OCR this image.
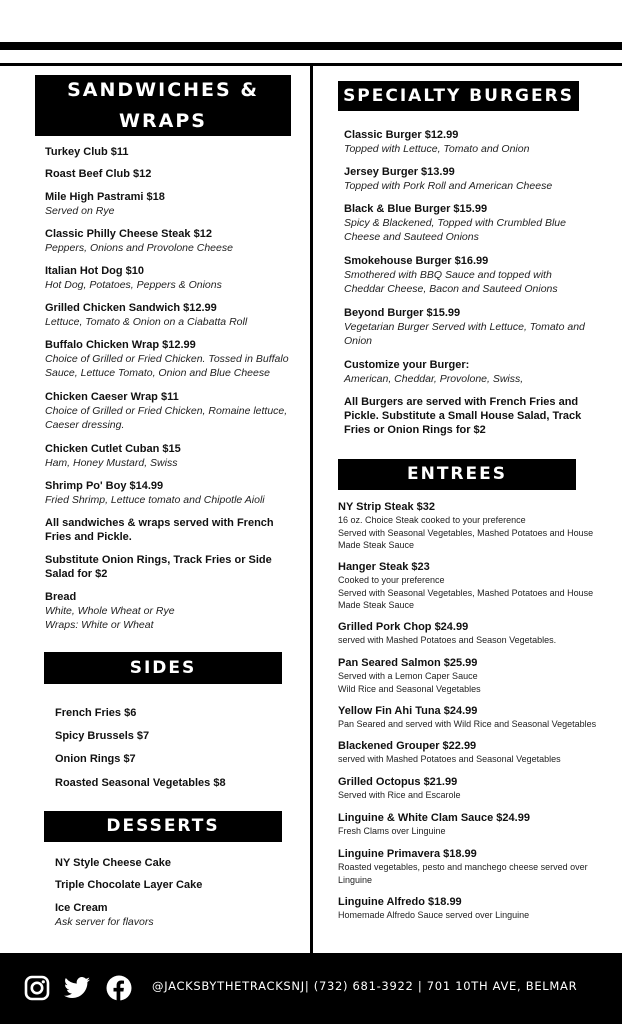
SANDWICHES &
WRAPS
Turkey Club $11
Roast Beef Club $12
Mile High Pastrami $18
Served on Rye
Classic Philly Cheese Steak $12
Peppers, Onions and Provolone Cheese
Italian Hot Dog $10
Hot Dog, Potatoes, Peppers & Onions
Grilled Chicken Sandwich $12.99
Lettuce, Tomato & Onion on a Ciabatta Roll
Buffalo Chicken Wrap $12.99
Choice of Grilled or Fried Chicken. Tossed in Buffalo Sauce, Lettuce Tomato, Onion and Blue Cheese
Chicken Caeser Wrap $11
Choice of Grilled or Fried Chicken, Romaine lettuce, Caeser dressing.
Chicken Cutlet Cuban $15
Ham, Honey Mustard, Swiss
Shrimp Po' Boy $14.99
Fried Shrimp, Lettuce tomato and Chipotle Aioli
All sandwiches & wraps served with French Fries and Pickle.
Substitute Onion Rings, Track Fries or Side Salad for $2
Bread
White, Whole Wheat or Rye
Wraps: White or Wheat
SIDES
French Fries $6
Spicy Brussels $7
Onion Rings $7
Roasted Seasonal Vegetables $8
DESSERTS
NY Style Cheese Cake
Triple Chocolate Layer Cake
Ice Cream
Ask server for flavors
SPECIALTY BURGERS
Classic Burger $12.99
Topped with Lettuce, Tomato and Onion
Jersey Burger $13.99
Topped with Pork Roll and American Cheese
Black & Blue Burger $15.99
Spicy & Blackened, Topped with Crumbled Blue Cheese and Sauteed Onions
Smokehouse Burger $16.99
Smothered with BBQ Sauce and topped with Cheddar Cheese, Bacon and Sauteed Onions
Beyond Burger $15.99
Vegetarian Burger Served with Lettuce, Tomato and Onion
Customize your Burger:
American, Cheddar, Provolone, Swiss,
All Burgers are served with French Fries and Pickle. Substitute a Small House Salad, Track Fries or Onion Rings for $2
ENTREES
NY Strip Steak $32
16 oz. Choice Steak cooked to your preference
Served with Seasonal Vegetables, Mashed Potatoes and House Made Steak Sauce
Hanger Steak $23
Cooked to your preference
Served with Seasonal Vegetables, Mashed Potatoes and House Made Steak Sauce
Grilled Pork Chop $24.99
served with Mashed Potatoes and Season Vegetables.
Pan Seared Salmon $25.99
Served with a Lemon Caper Sauce
Wild Rice and Seasonal Vegetables
Yellow Fin Ahi Tuna $24.99
Pan Seared and served with Wild Rice and Seasonal Vegetables
Blackened Grouper $22.99
served with Mashed Potatoes and Seasonal Vegetables
Grilled Octopus $21.99
Served with Rice and Escarole
Linguine & White Clam Sauce $24.99
Fresh Clams over Linguine
Linguine Primavera $18.99
Roasted vegetables, pesto and manchego cheese served over Linguine
Linguine Alfredo $18.99
Homemade Alfredo Sauce served over Linguine
@JACKSBYTHETRACKSNJ| (732) 681-3922 | 701 10TH AVE, BELMAR
